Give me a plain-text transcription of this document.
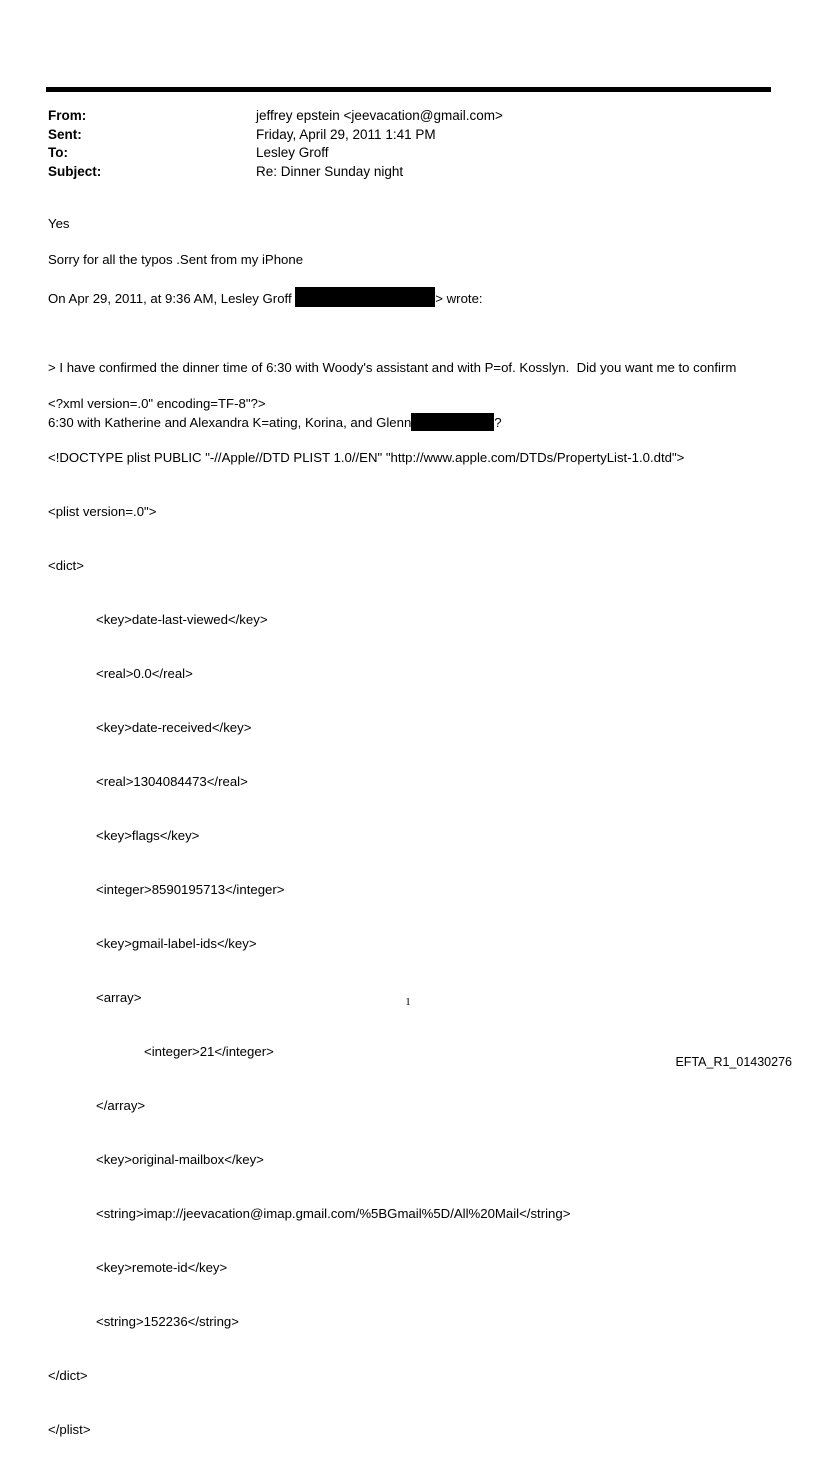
From:	jeffrey epstein <jeevacation@gmail.com>
Sent:	Friday, April 29, 2011 1:41 PM
To:	Lesley Groff
Subject:	Re: Dinner Sunday night
Yes
Sorry for all the typos .Sent from my iPhone
On Apr 29, 2011, at 9:36 AM, Lesley Groff	> wrote:

> I have confirmed the dinner time of 6:30 with Woody's assistant and with P=of. Kosslyn.  Did you want me to confirm

6:30 with Katherine and Alexandra K=ating, Korina, and Glenn	?

<?xml version=.0" encoding=TF-8"?>

<!DOCTYPE plist PUBLIC "-//Apple//DTD PLIST 1.0//EN" "http://www.apple.com/DTDs/PropertyList-1.0.dtd">

<plist version=.0">

<dict>

<key>date-last-viewed</key>

<real>0.0</real>

<key>date-received</key>

<real>1304084473</real>

<key>flags</key>

<integer>8590195713</integer>

<key>gmail-label-ids</key>

<array>

<integer>21</integer>

</array>

<key>original-mailbox</key>

<string>imap://jeevacation@imap.gmail.com/%5BGmail%5D/All%20Mail</string>

<key>remote-id</key>

<string>152236</string>

</dict>

</plist>

1
EFTA_R1_01430276
